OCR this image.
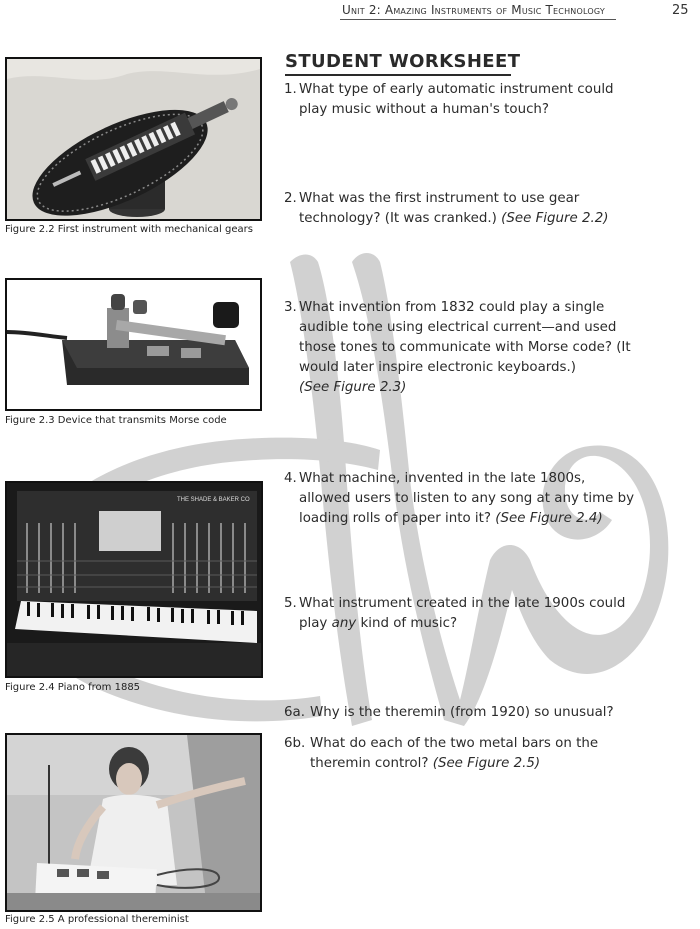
Unit 2: Amazing Instruments of Music Technology	25
Figure 2.2 First instrument with mechanical gears
Figure 2.3 Device that transmits Morse code
THE SHADE & BAKER CO
Figure 2.4 Piano from 1885
Figure 2.5 A professional thereminist
STUDENT WORKSHEET
1. What type of early automatic instrument could
play music without a human's touch?
2. What was the first instrument to use gear
technology? (It was cranked.) (See Figure 2.2)
3. What invention from 1832 could play a single
audible tone using electrical current—and used
those tones to communicate with Morse code? (It
would later inspire electronic keyboards.)
(See Figure 2.3)
4. What machine, invented in the late 1800s,
allowed users to listen to any song at any time by
loading rolls of paper into it? (See Figure 2.4)
5. What instrument created in the late 1900s could
play any kind of music?
6a. Why is the theremin (from 1920) so unusual?
6b. What do each of the two metal bars on the
theremin control? (See Figure 2.5)
